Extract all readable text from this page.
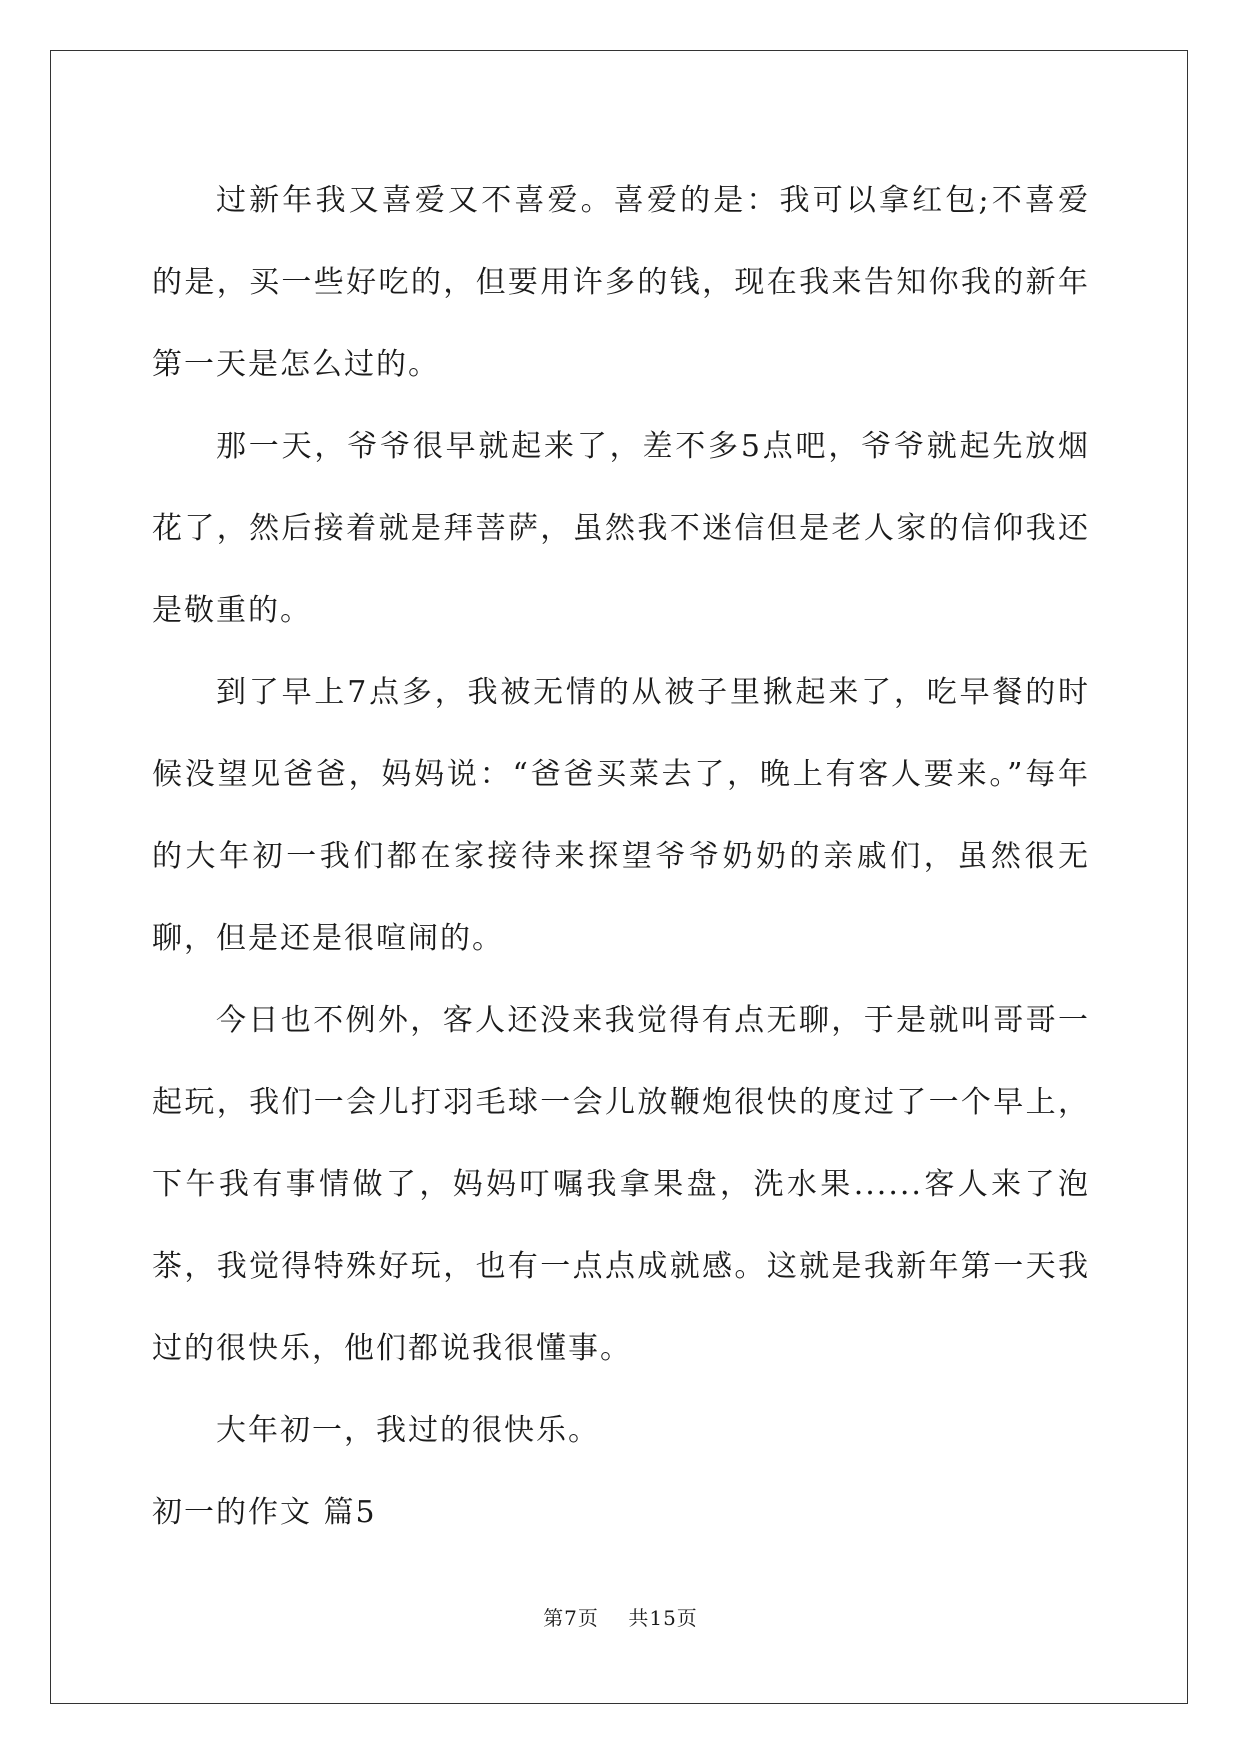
过新年我又喜爱又不喜爱。喜爱的是：我可以拿红包;不喜爱的是，买一些好吃的，但要用许多的钱，现在我来告知你我的新年第一天是怎么过的。

那一天，爷爷很早就起来了，差不多5点吧，爷爷就起先放烟花了，然后接着就是拜菩萨，虽然我不迷信但是老人家的信仰我还是敬重的。

到了早上7点多，我被无情的从被子里揪起来了，吃早餐的时候没望见爸爸，妈妈说：“爸爸买菜去了，晚上有客人要来。”每年的大年初一我们都在家接待来探望爷爷奶奶的亲戚们，虽然很无聊，但是还是很喧闹的。

今日也不例外，客人还没来我觉得有点无聊，于是就叫哥哥一起玩，我们一会儿打羽毛球一会儿放鞭炮很快的度过了一个早上，下午我有事情做了，妈妈叮嘱我拿果盘，洗水果......客人来了泡茶，我觉得特殊好玩，也有一点点成就感。这就是我新年第一天我过的很快乐，他们都说我很懂事。

大年初一，我过的很快乐。

初一的作文 篇5

第7页 共15页
